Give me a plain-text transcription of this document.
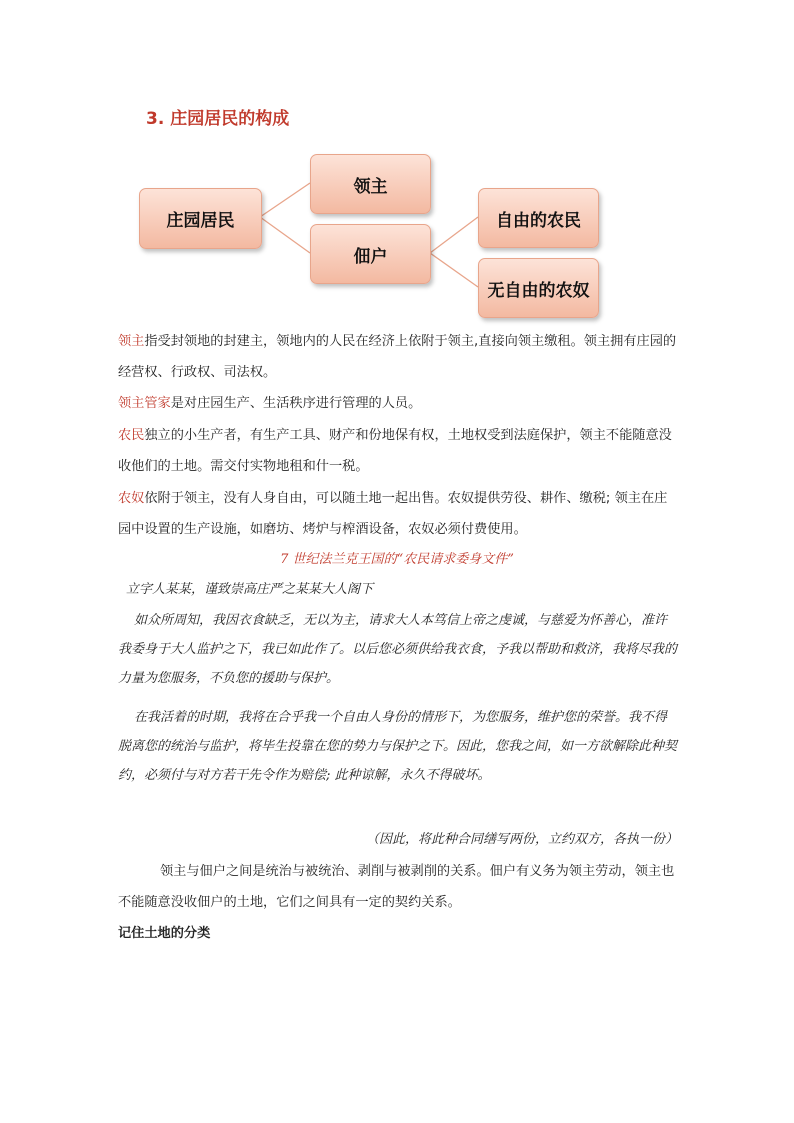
3. 庄园居民的构成
庄园居民
领主
佃户
自由的农民
无自由的农奴
领主指受封领地的封建主，领地内的人民在经济上依附于领主,直接向领主缴租。领主拥有庄园的经营权、行政权、司法权。
领主管家是对庄园生产、生活秩序进行管理的人员。
农民独立的小生产者，有生产工具、财产和份地保有权，土地权受到法庭保护，领主不能随意没收他们的土地。需交付实物地租和什一税。
农奴依附于领主，没有人身自由，可以随土地一起出售。农奴提供劳役、耕作、缴税; 领主在庄园中设置的生产设施，如磨坊、烤炉与榨酒设备，农奴必须付费使用。
7 世纪法兰克王国的“农民请求委身文件”
立字人某某，谨致崇高庄严之某某大人阁下
如众所周知，我因衣食缺乏，无以为主，请求大人本笃信上帝之虔诚，与慈爱为怀善心，准许我委身于大人监护之下，我已如此作了。以后您必须供给我衣食，予我以帮助和救济，我将尽我的力量为您服务，不负您的援助与保护。
在我活着的时期，我将在合乎我一个自由人身份的情形下，为您服务，维护您的荣誉。我不得脱离您的统治与监护，将毕生投靠在您的势力与保护之下。因此，您我之间，如一方欲解除此种契约，必须付与对方若干先令作为赔偿; 此种谅解，永久不得破坏。
（因此，将此种合同缮写两份，立约双方，各执一份）
领主与佃户之间是统治与被统治、剥削与被剥削的关系。佃户有义务为领主劳动，领主也不能随意没收佃户的土地，它们之间具有一定的契约关系。
记住土地的分类
